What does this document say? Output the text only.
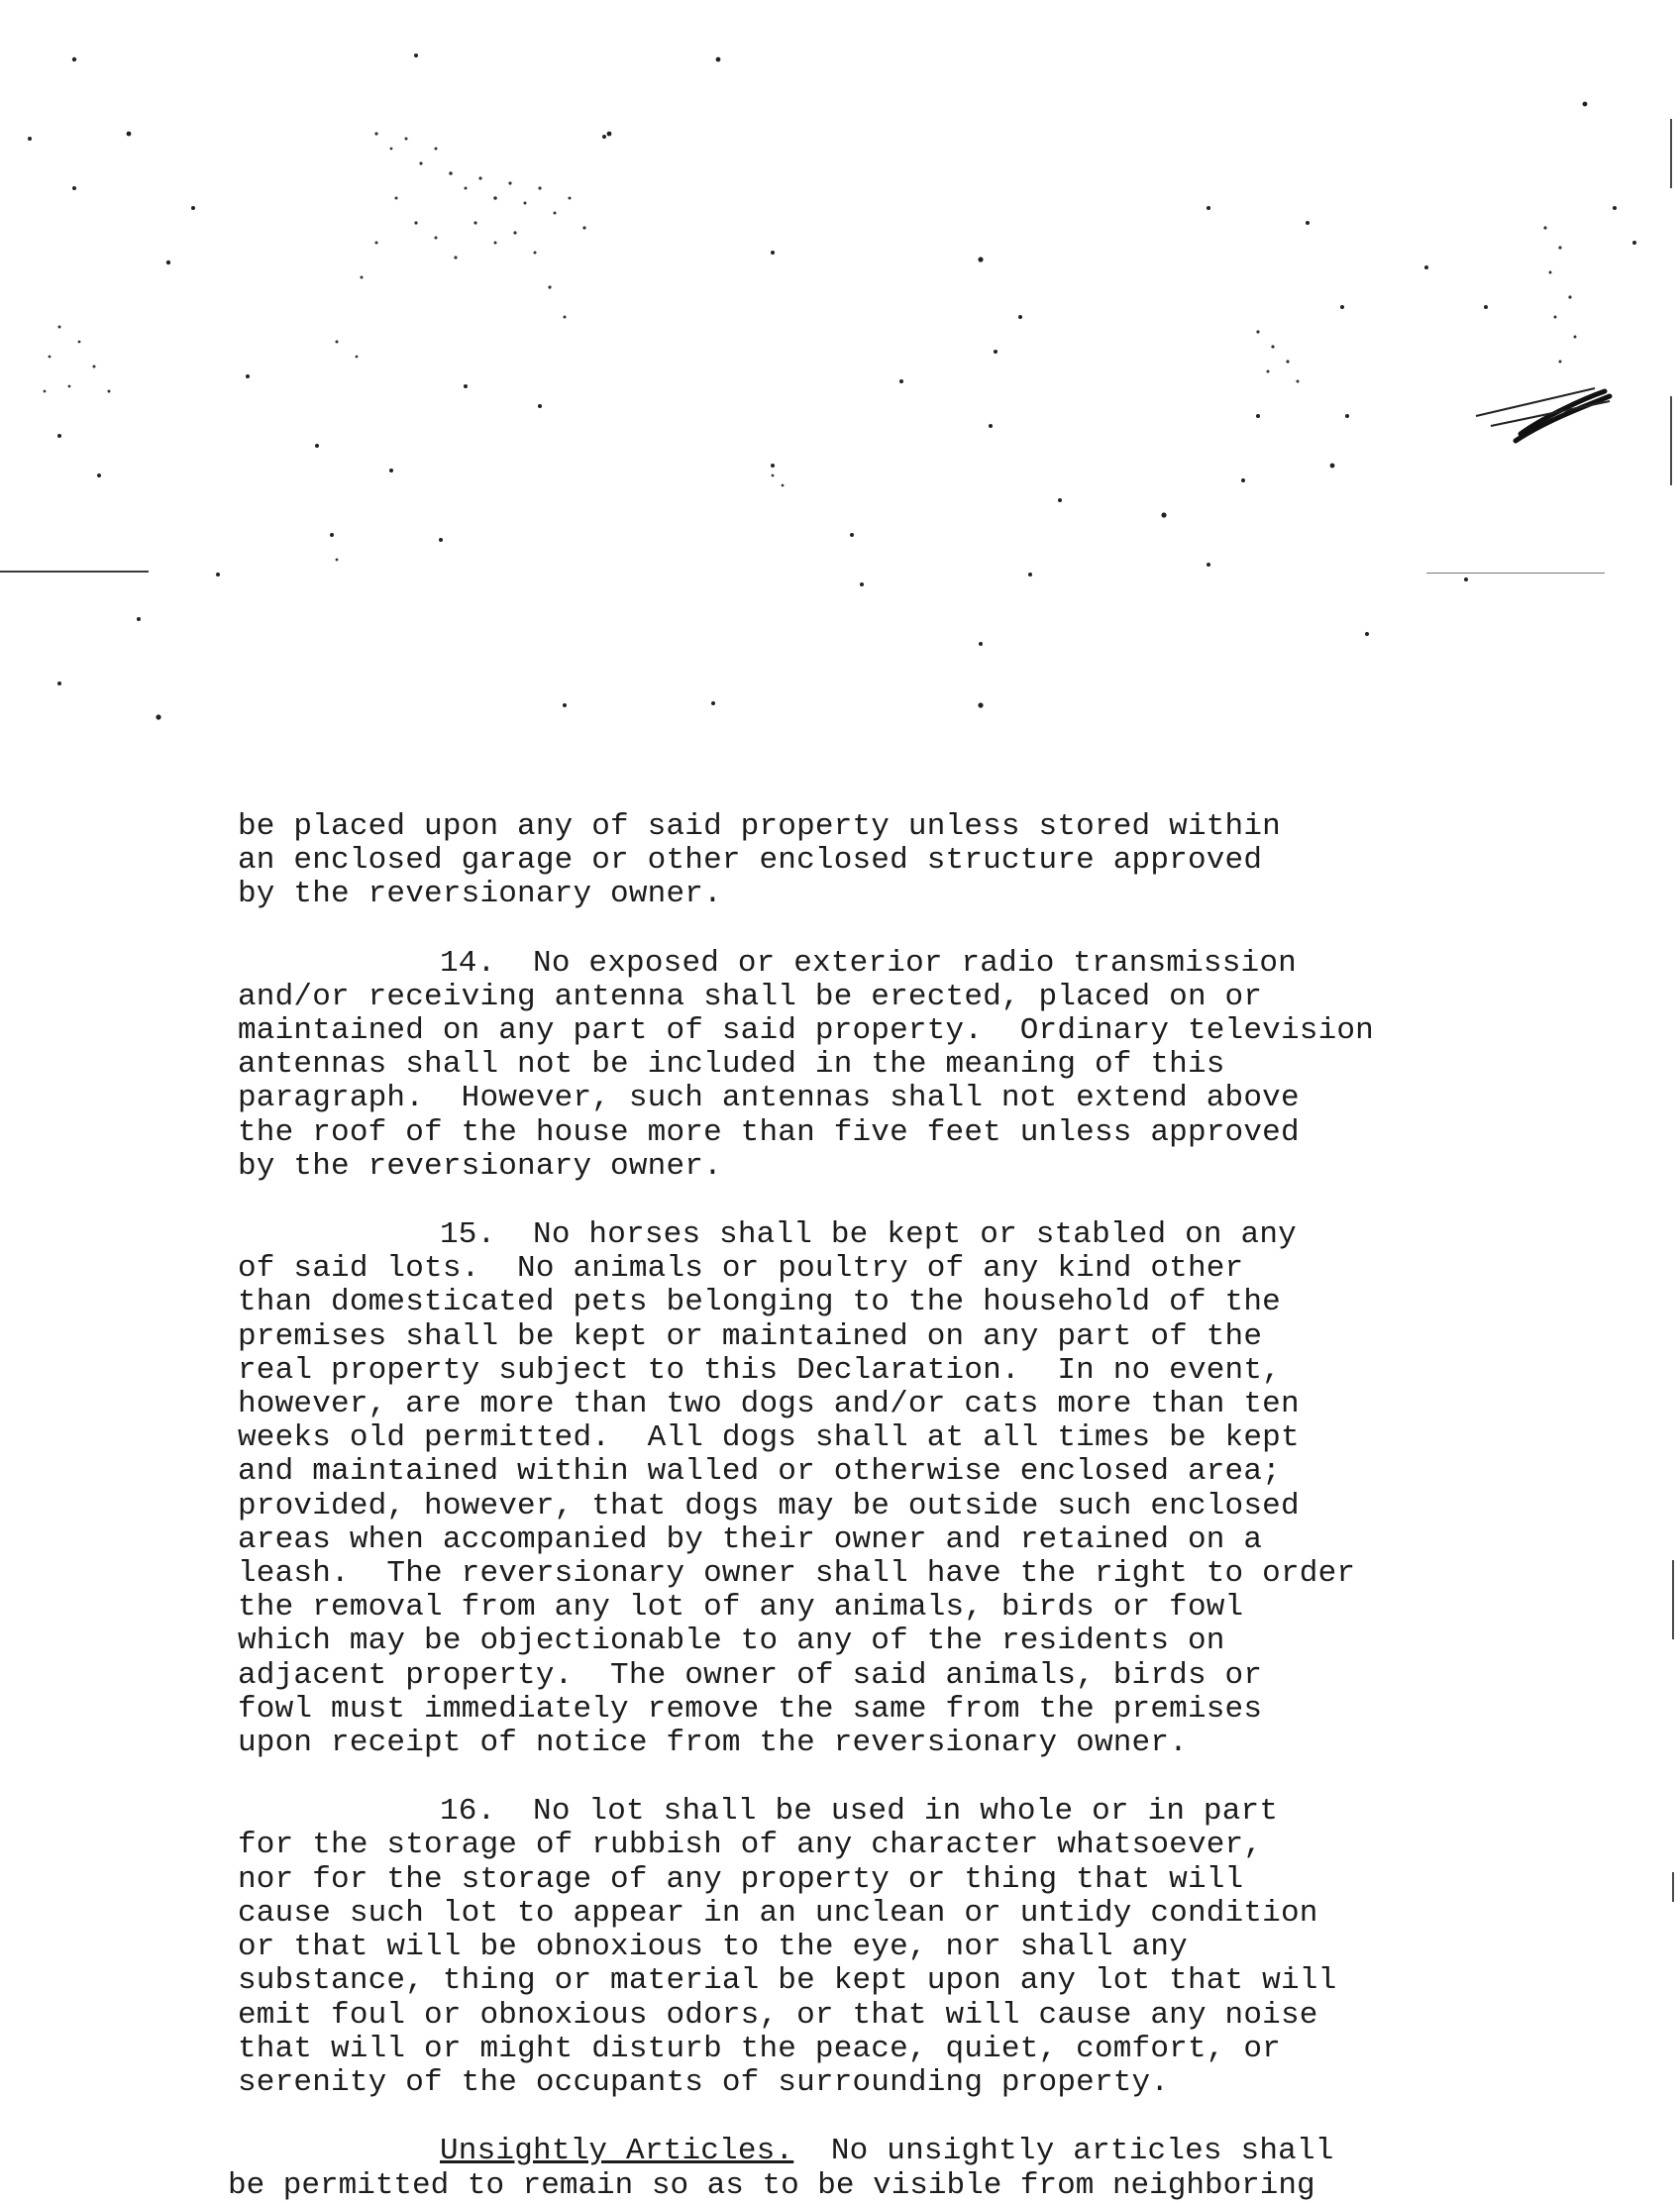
be placed upon any of said property unless stored within
an enclosed garage or other enclosed structure approved
by the reversionary owner.
14.  No exposed or exterior radio transmission
and/or receiving antenna shall be erected, placed on or
maintained on any part of said property.  Ordinary television
antennas shall not be included in the meaning of this
paragraph.  However, such antennas shall not extend above
the roof of the house more than five feet unless approved
by the reversionary owner.
15.  No horses shall be kept or stabled on any
of said lots.  No animals or poultry of any kind other
than domesticated pets belonging to the household of the
premises shall be kept or maintained on any part of the
real property subject to this Declaration.  In no event,
however, are more than two dogs and/or cats more than ten
weeks old permitted.  All dogs shall at all times be kept
and maintained within walled or otherwise enclosed area;
provided, however, that dogs may be outside such enclosed
areas when accompanied by their owner and retained on a
leash.  The reversionary owner shall have the right to order
the removal from any lot of any animals, birds or fowl
which may be objectionable to any of the residents on
adjacent property.  The owner of said animals, birds or
fowl must immediately remove the same from the premises
upon receipt of notice from the reversionary owner.
16.  No lot shall be used in whole or in part
for the storage of rubbish of any character whatsoever,
nor for the storage of any property or thing that will
cause such lot to appear in an unclean or untidy condition
or that will be obnoxious to the eye, nor shall any
substance, thing or material be kept upon any lot that will
emit foul or obnoxious odors, or that will cause any noise
that will or might disturb the peace, quiet, comfort, or
serenity of the occupants of surrounding property.
Unsightly Articles.  No unsightly articles shall
be permitted to remain so as to be visible from neighboring
